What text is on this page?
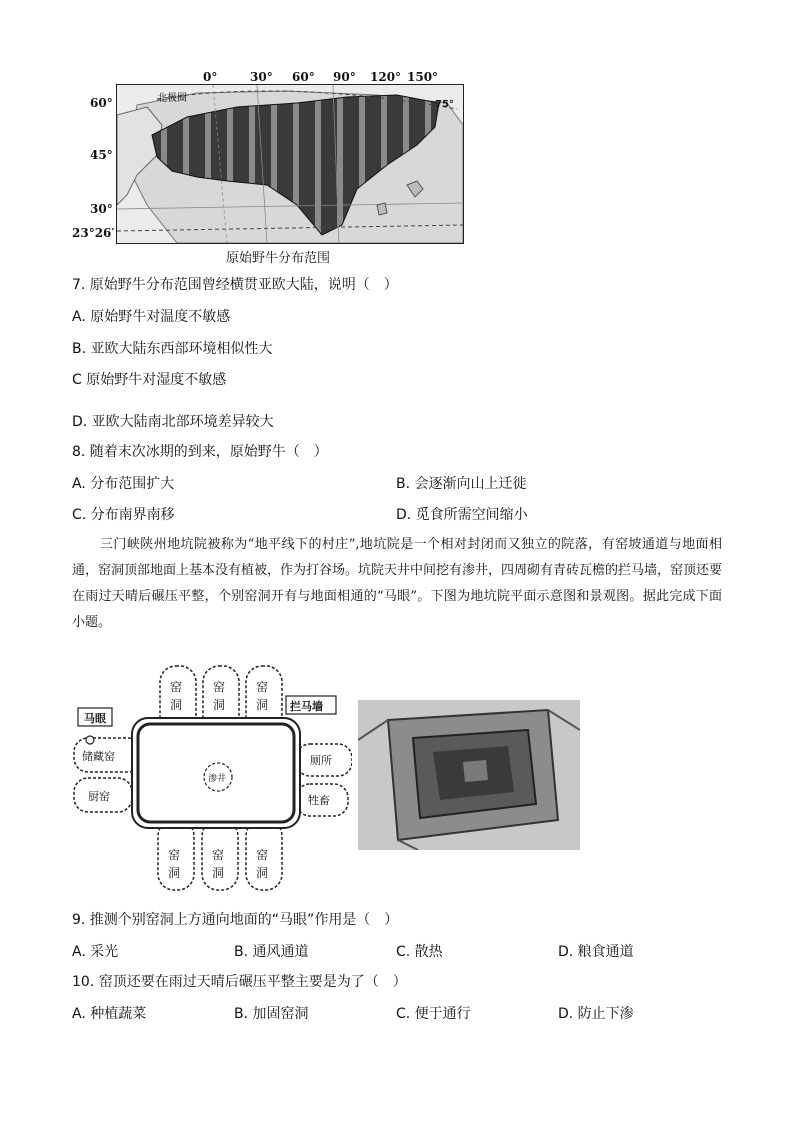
0°	30° 60° 90° 120° 150°
60°
45°
30°
23°26′
北极圈
75°
原始野牛分布范围
7. 原始野牛分布范围曾经横贯亚欧大陆，说明（　）
A. 原始野牛对温度不敏感
B. 亚欧大陆东西部环境相似性大
C 原始野牛对湿度不敏感
D. 亚欧大陆南北部环境差异较大
8. 随着末次冰期的到来，原始野牛（　）
A. 分布范围扩大	B. 会逐渐向山上迁徙
C. 分布南界南移	D. 觅食所需空间缩小
三门峡陕州地坑院被称为“地平线下的村庄”,地坑院是一个相对封闭而又独立的院落，有窑坡通道与地面相通，窑洞顶部地面上基本没有植被，作为打谷场。坑院天井中间挖有渗井，四周砌有青砖瓦檐的拦马墙，窑顶还要在雨过天晴后碾压平整，个别窑洞开有与地面相通的“马眼”。下图为地坑院平面示意图和景观图。据此完成下面小题。
窑
洞
窑
洞
窑
洞
窑
洞
窑
洞
窑
洞
马眼
拦马墙
储藏窑
厨窑
渗井
厕所
牲畜
9. 推测个别窑洞上方通向地面的“马眼”作用是（　）
A. 采光	B. 通风通道	C. 散热	D. 粮食通道
10. 窑顶还要在雨过天晴后碾压平整主要是为了（　）
A. 种植蔬菜	B. 加固窑洞	C. 便于通行	D. 防止下渗
